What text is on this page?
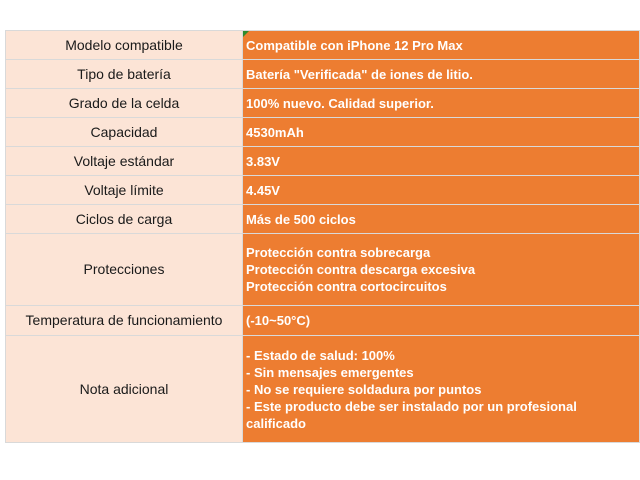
Modelo compatible	Compatible con iPhone 12 Pro Max

Tipo de batería	Batería "Verificada" de iones de litio.

Grado de la celda	100% nuevo. Calidad superior.

Capacidad	4530mAh

Voltaje estándar	3.83V

Voltaje límite	4.45V

Ciclos de carga	Más de 500 ciclos

Protecciones	Protección contra sobrecarga
Protección contra descarga excesiva
Protección contra cortocircuitos

Temperatura de funcionamiento	(-10~50°C)

Nota adicional	- Estado de salud: 100%
- Sin mensajes emergentes
- No se requiere soldadura por puntos
- Este producto debe ser instalado por un profesional
calificado
